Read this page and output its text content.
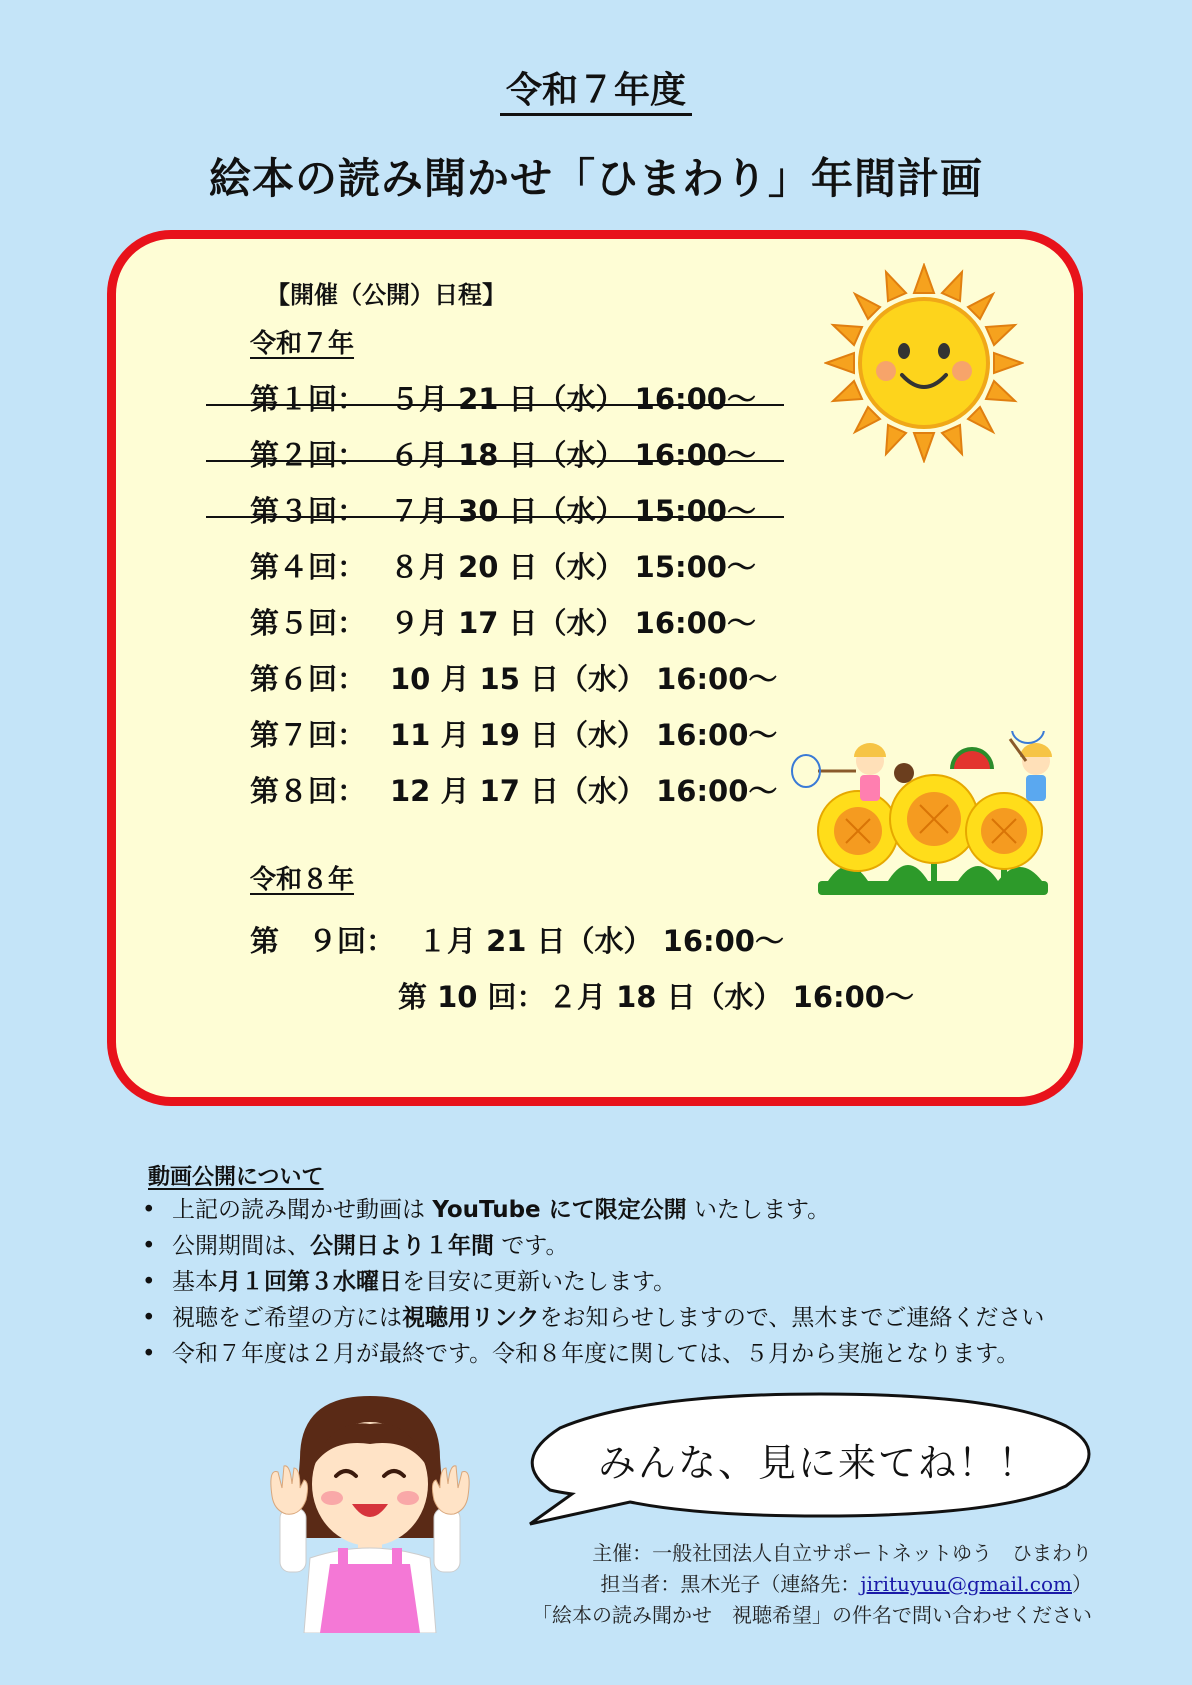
令和７年度
絵本の読み聞かせ「ひまわり」年間計画
【開催（公開）日程】
令和７年
第１回： ５月 21 日（水） 16:00～
第２回： ６月 18 日（水） 16:00～
第３回： ７月 30 日（水） 15:00～
第４回： ８月 20 日（水） 15:00～
第５回： ９月 17 日（水） 16:00～
第６回： 10 月 15 日（水） 16:00～
第７回： 11 月 19 日（水） 16:00～
第８回： 12 月 17 日（水） 16:00～
令和８年
第　９回： １月 21 日（水） 16:00～
第 10 回：２月 18 日（水） 16:00～
動画公開について
• 上記の読み聞かせ動画は YouTube にて限定公開 いたします。
• 公開期間は、公開日より１年間 です。
• 基本月１回第３水曜日を目安に更新いたします。
• 視聴をご希望の方には視聴用リンクをお知らせしますので、黒木までご連絡ください
• 令和７年度は２月が最終です。令和８年度に関しては、５月から実施となります。
みんな、見に来てね！！
主催：一般社団法人自立サポートネットゆう　ひまわり
担当者：黒木光子（連絡先：jirituyuu@gmail.com）
「絵本の読み聞かせ　視聴希望」の件名で問い合わせください
